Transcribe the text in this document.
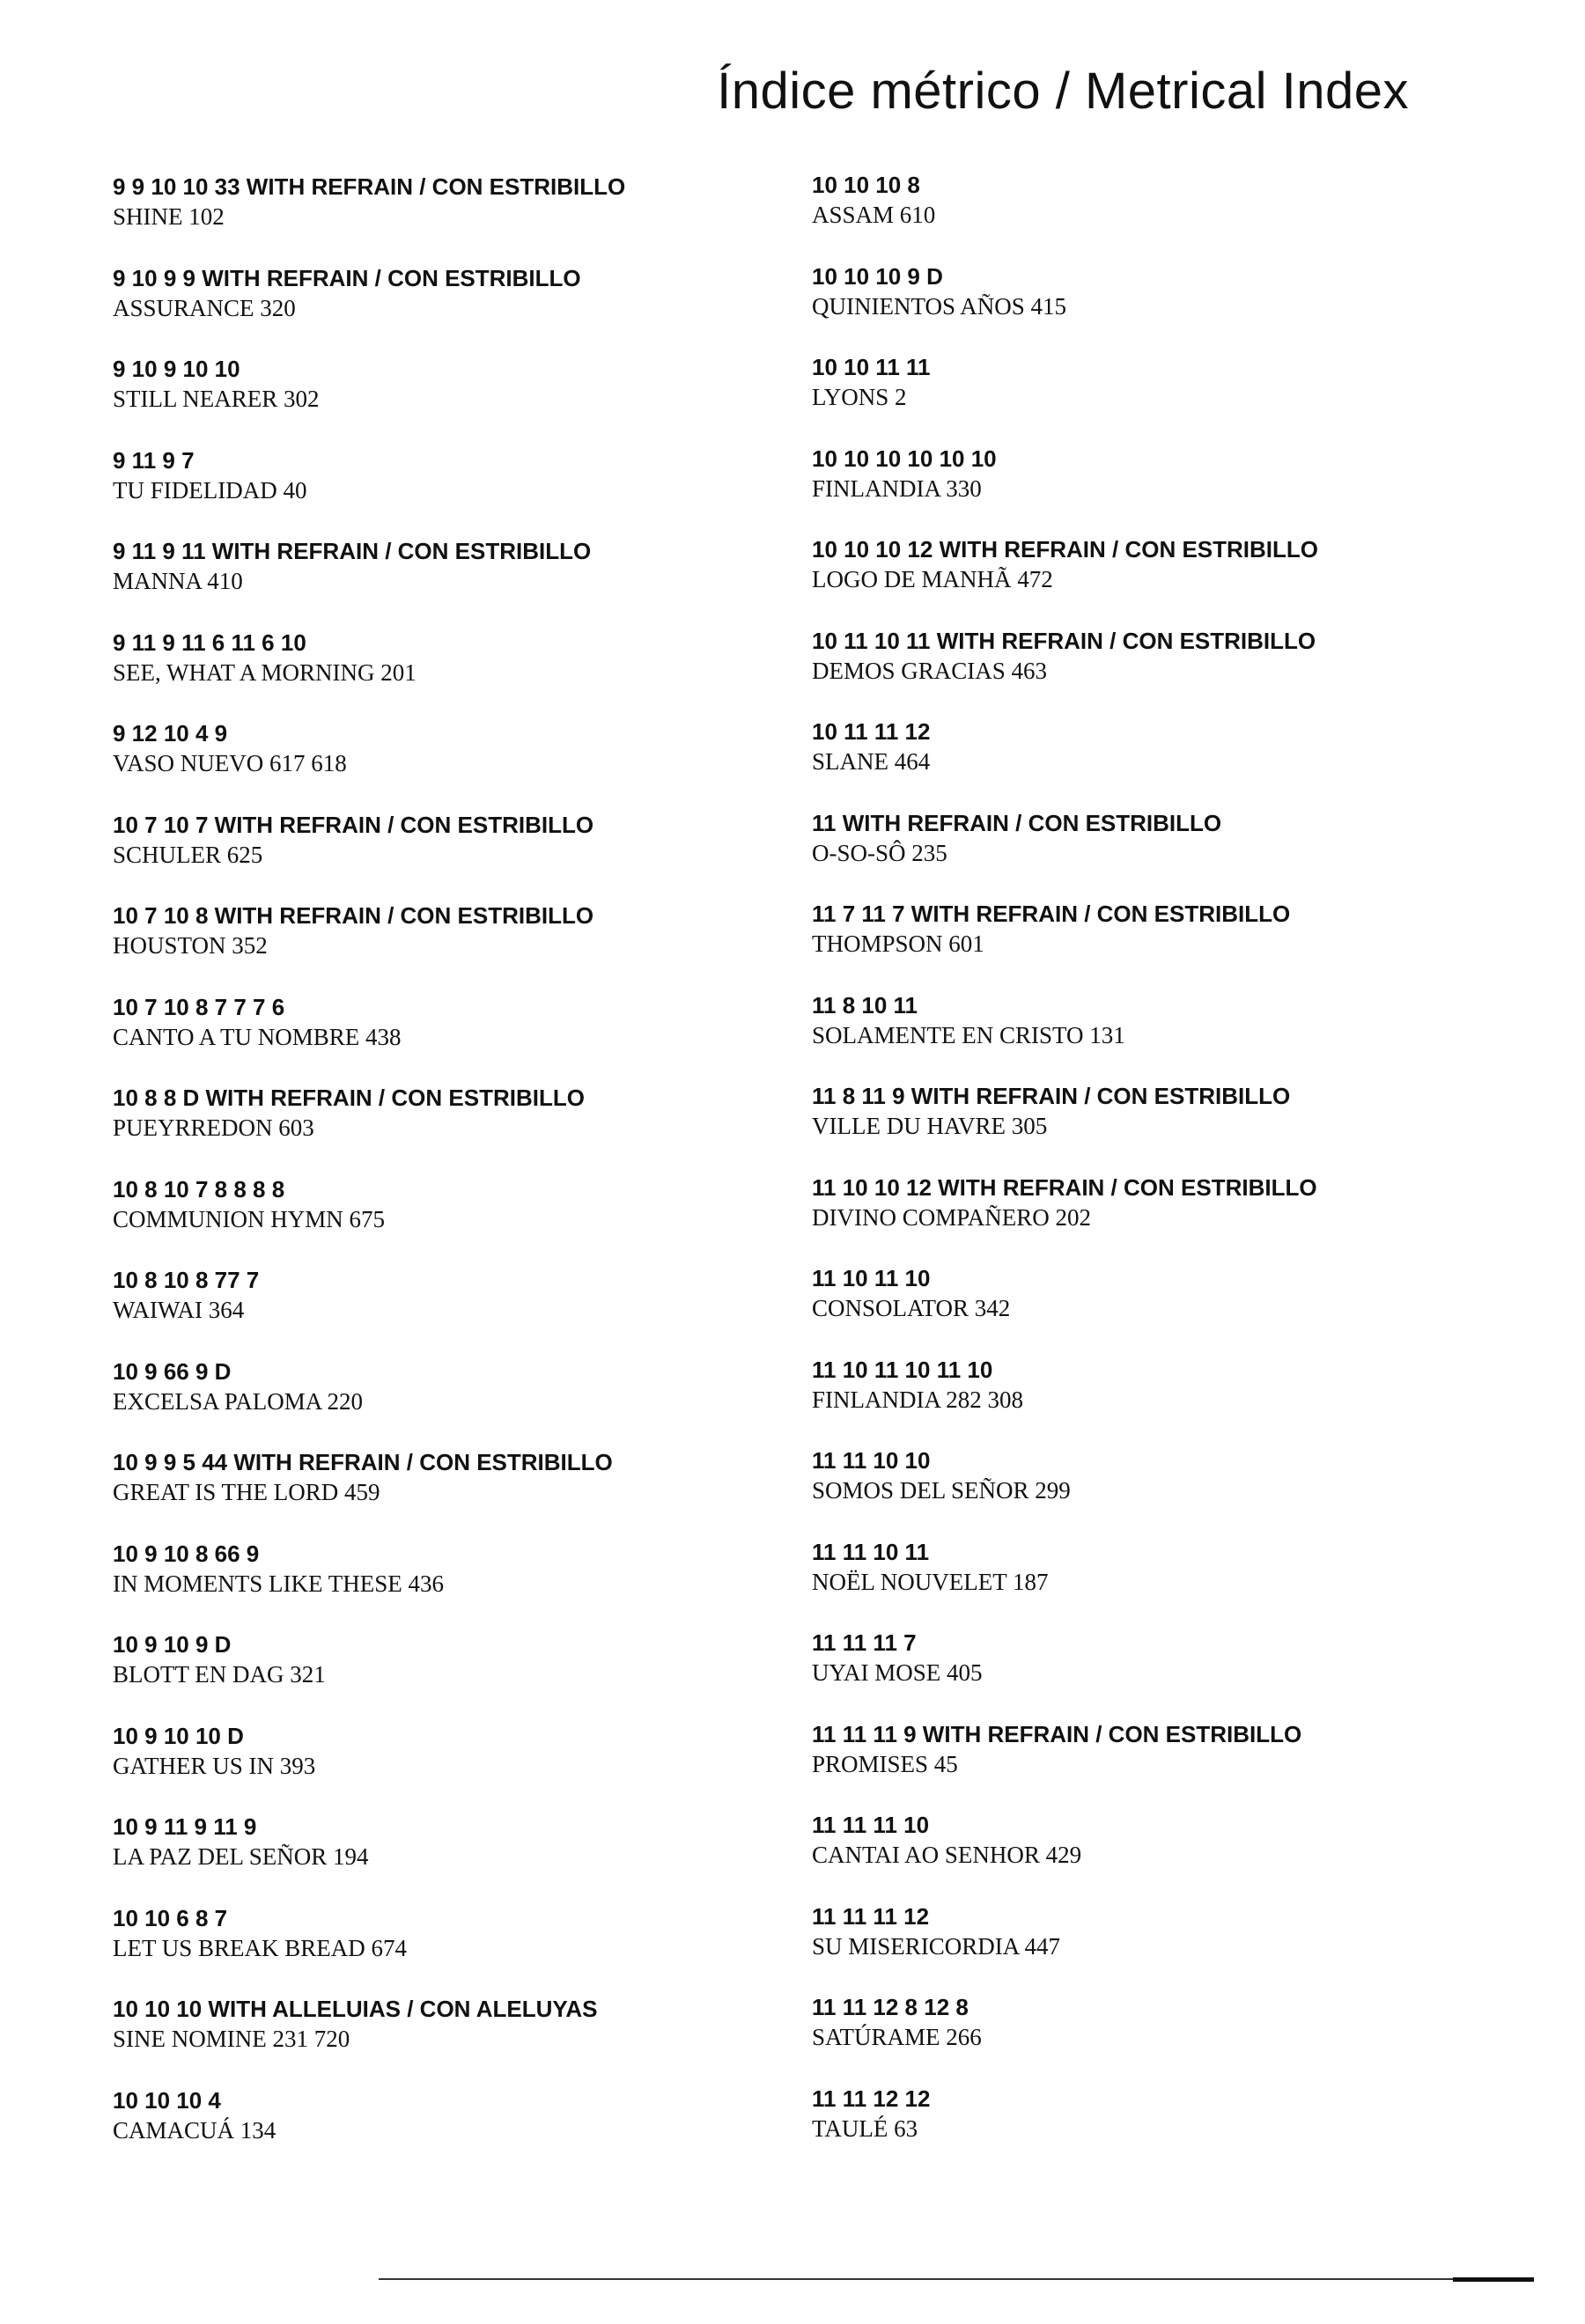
Índice métrico / Metrical Index
9 9 10 10 33 WITH REFRAIN / CON ESTRIBILLO
SHINE 102
9 10 9 9 WITH REFRAIN / CON ESTRIBILLO
ASSURANCE 320
9 10 9 10 10
STILL NEARER 302
9 11 9 7
TU FIDELIDAD 40
9 11 9 11 WITH REFRAIN / CON ESTRIBILLO
MANNA 410
9 11 9 11 6 11 6 10
SEE, WHAT A MORNING 201
9 12 10 4 9
VASO NUEVO 617 618
10 7 10 7 WITH REFRAIN / CON ESTRIBILLO
SCHULER 625
10 7 10 8 WITH REFRAIN / CON ESTRIBILLO
HOUSTON 352
10 7 10 8 7 7 7 6
CANTO A TU NOMBRE 438
10 8 8 D WITH REFRAIN / CON ESTRIBILLO
PUEYRREDON 603
10 8 10 7 8 8 8 8
COMMUNION HYMN 675
10 8 10 8 77 7
WAIWAI 364
10 9 66 9 D
EXCELSA PALOMA 220
10 9 9 5 44 WITH REFRAIN / CON ESTRIBILLO
GREAT IS THE LORD 459
10 9 10 8 66 9
IN MOMENTS LIKE THESE 436
10 9 10 9 D
BLOTT EN DAG 321
10 9 10 10 D
GATHER US IN 393
10 9 11 9 11 9
LA PAZ DEL SEÑOR 194
10 10 6 8 7
LET US BREAK BREAD 674
10 10 10 WITH ALLELUIAS / CON ALELUYAS
SINE NOMINE 231 720
10 10 10 4
CAMACUÁ 134
10 10 10 8
ASSAM 610
10 10 10 9 D
QUINIENTOS AÑOS 415
10 10 11 11
LYONS 2
10 10 10 10 10 10
FINLANDIA 330
10 10 10 12 WITH REFRAIN / CON ESTRIBILLO
LOGO DE MANHÃ 472
10 11 10 11 WITH REFRAIN / CON ESTRIBILLO
DEMOS GRACIAS 463
10 11 11 12
SLANE 464
11 WITH REFRAIN / CON ESTRIBILLO
O-SO-SÔ 235
11 7 11 7 WITH REFRAIN / CON ESTRIBILLO
THOMPSON 601
11 8 10 11
SOLAMENTE EN CRISTO 131
11 8 11 9 WITH REFRAIN / CON ESTRIBILLO
VILLE DU HAVRE 305
11 10 10 12 WITH REFRAIN / CON ESTRIBILLO
DIVINO COMPAÑERO 202
11 10 11 10
CONSOLATOR 342
11 10 11 10 11 10
FINLANDIA 282 308
11 11 10 10
SOMOS DEL SEÑOR 299
11 11 10 11
NOËL NOUVELET 187
11 11 11 7
UYAI MOSE 405
11 11 11 9 WITH REFRAIN / CON ESTRIBILLO
PROMISES 45
11 11 11 10
CANTAI AO SENHOR 429
11 11 11 12
SU MISERICORDIA 447
11 11 12 8 12 8
SATÚRAME 266
11 11 12 12
TAULÉ 63
